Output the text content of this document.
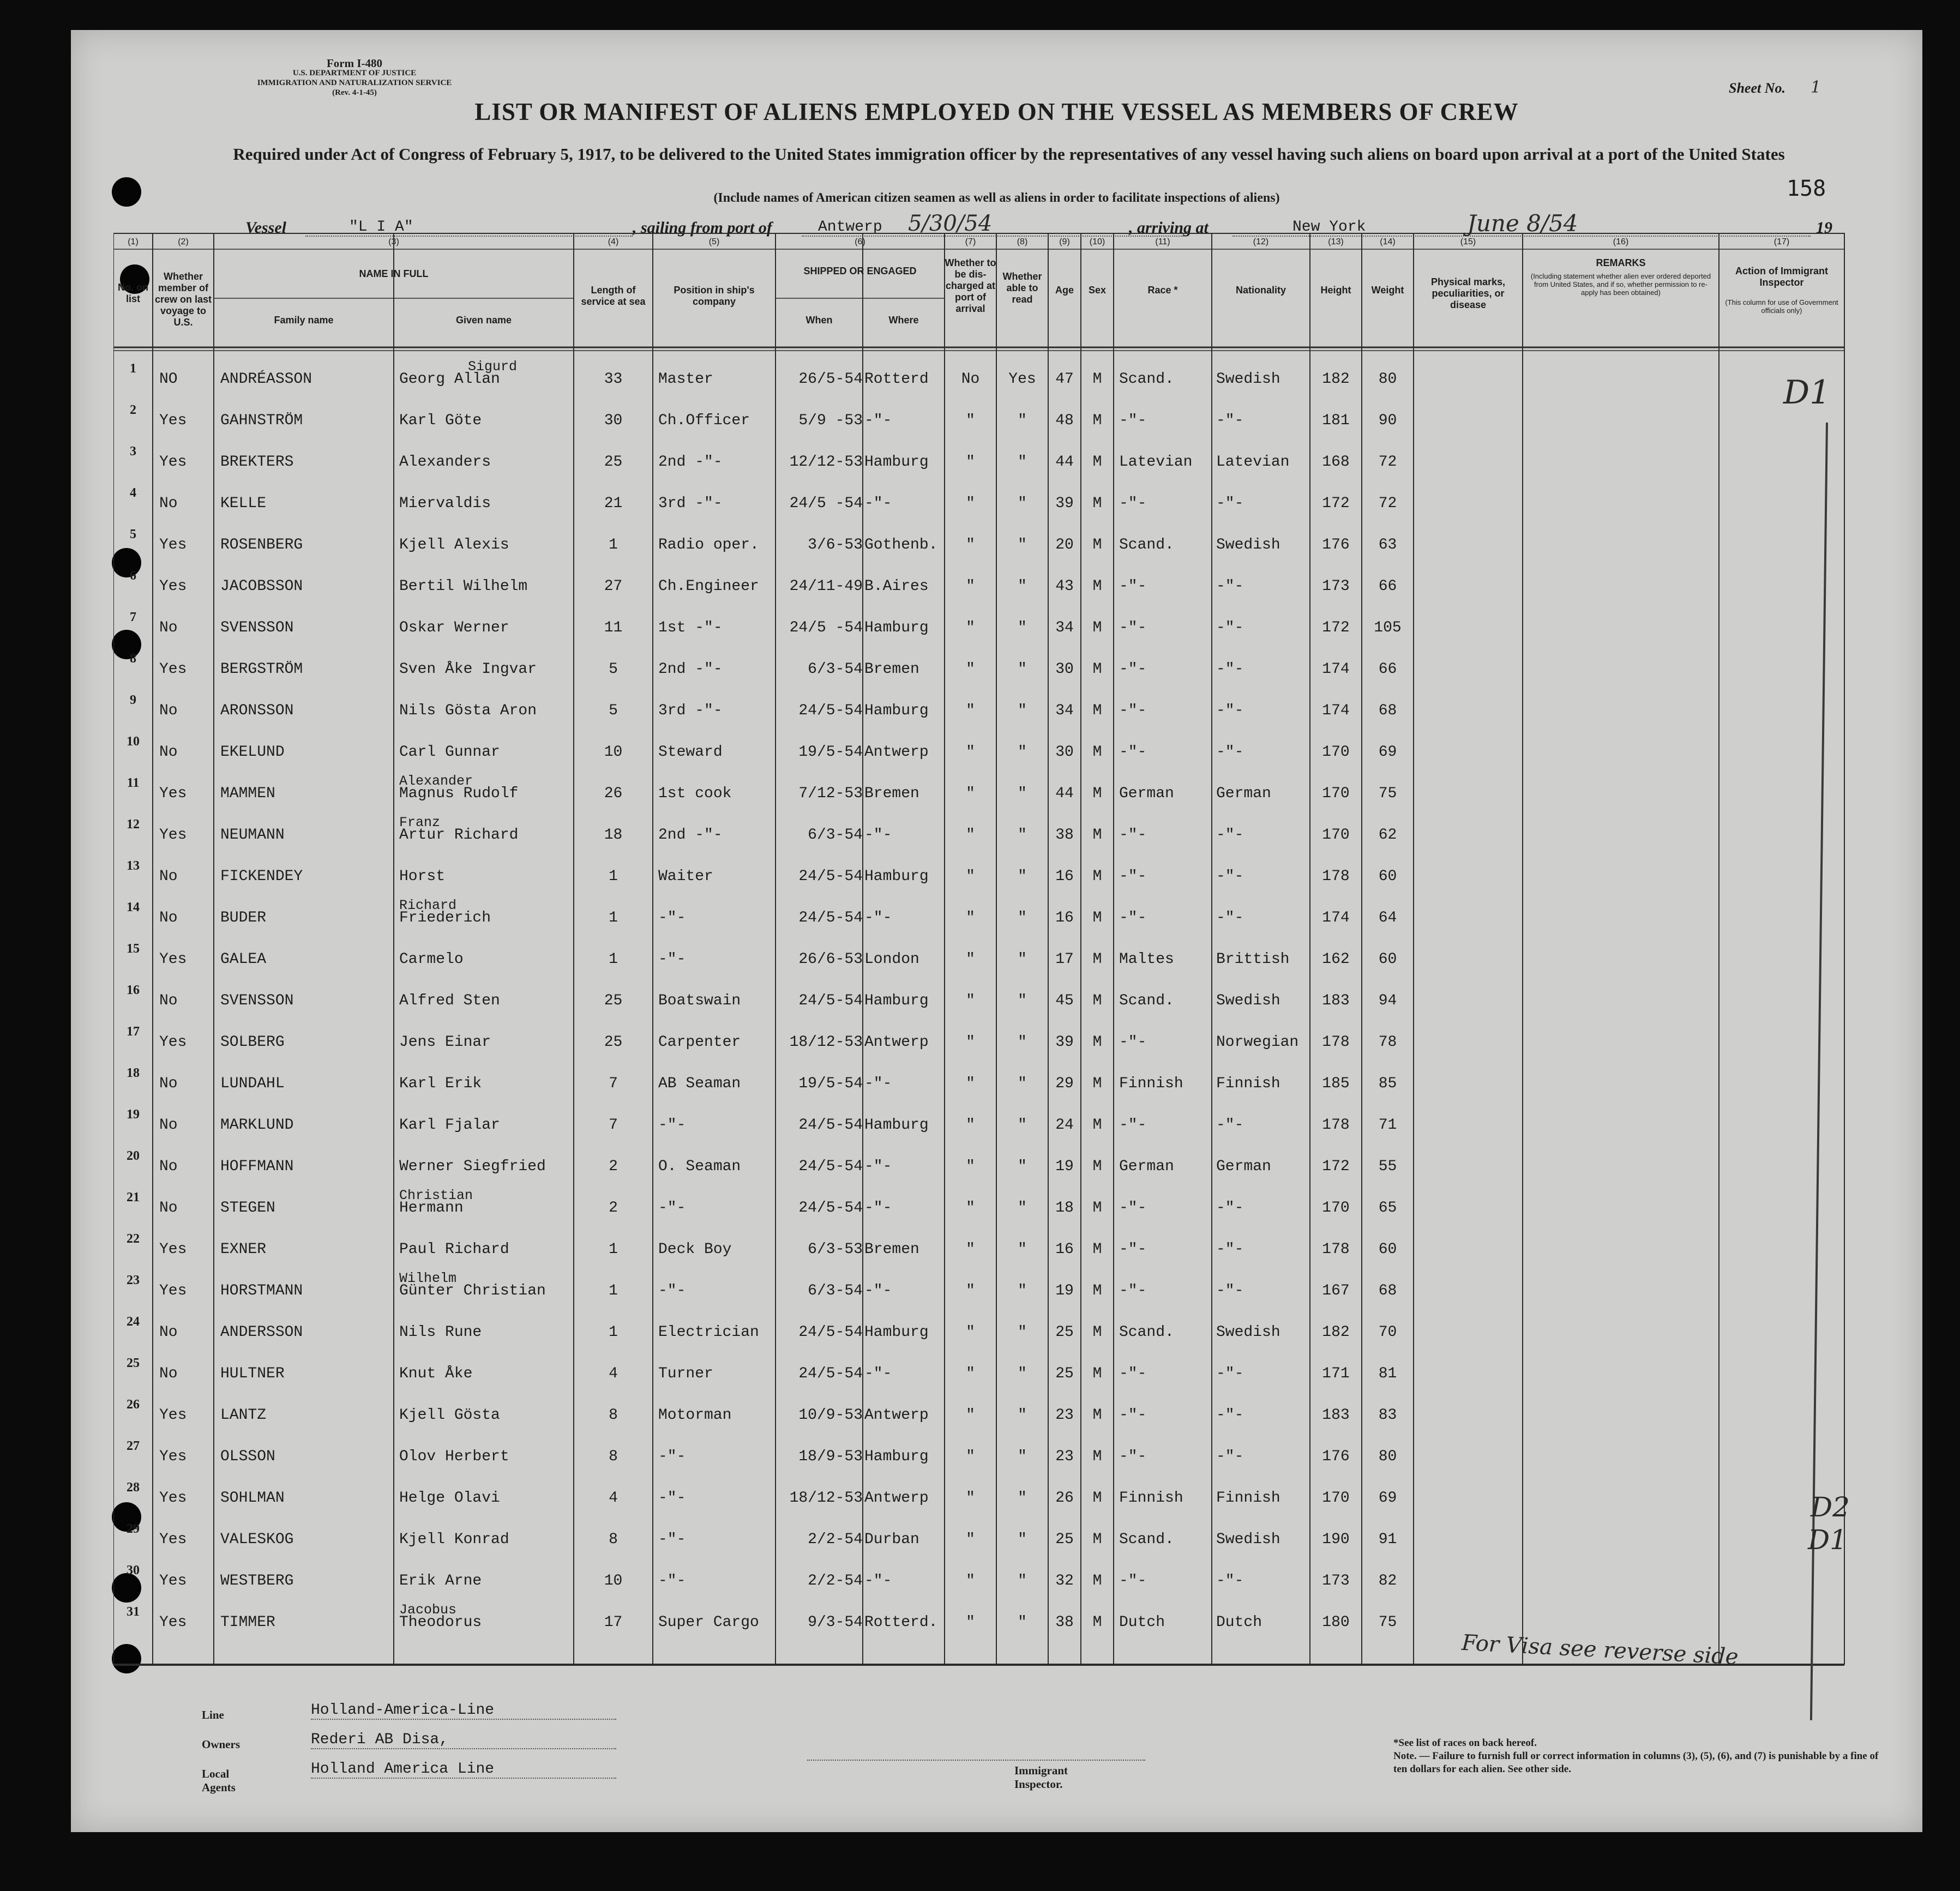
Form I-480
U.S. DEPARTMENT OF JUSTICE
IMMIGRATION AND NATURALIZATION SERVICE
(Rev. 4-1-45)	Sheet No. 1
158
LIST OR MANIFEST OF ALIENS EMPLOYED ON THE VESSEL AS MEMBERS OF CREW
Required under Act of Congress of February 5, 1917, to be delivered to the United States immigration officer by the representatives of any vessel having such aliens on board upon arrival at a port of the United States
(Include names of American citizen seamen as well as aliens in order to facilitate inspections of aliens)
Vessel	"L I A"	, sailing from port of	Antwerp	5/30/54	, arriving at	New York	June 8/54	19
No. on list
Whether member of crew on last voyage to U.S.
NAME IN FULL
Family name	Given name
Length of service at sea
Position in ship's company
SHIPPED OR ENGAGED
When	Where
Whether to be dis-charged at port of arrival
Whether able to read
Age	Sex	Race *	Nationality	Height	Weight
Physical marks, peculiarities, or disease
REMARKS
Action of Immigrant Inspector
(Including statement whether alien ever ordered deported from United States, and if so, whether permission to re-apply has been obtained)
(This column for use of Government officials only)
(1)	(2)	(3)	(4)	(5)	(6)	(7)	(8)	(9)	(10)	(11)	(12)	(13)	(14)	(15)	(16)	(17)
1
NO	ANDRÉASSON	Georg Allan	33	Master	26/5-54 Rotterd	No	Yes	47	M	Scand.	Swedish	182	80
Sigurd
2
Yes	GAHNSTRÖM	Karl Göte	30	Ch.Officer	5/9 -53 -"-	"	"	48	M	-"-	-"-	181	90
3
Yes	BREKTERS	Alexanders	25	2nd -"-	12/12-53 Hamburg	"	"	44	M	Latevian	Latevian	168	72
4
No	KELLE	Miervaldis	21	3rd -"-	24/5 -54 -"-	"	"	39	M	-"-	-"-	172	72
5
Yes	ROSENBERG	Kjell Alexis	1	Radio oper.	3/6-53 Gothenb.	"	"	20	M	Scand.	Swedish	176	63
6
Yes	JACOBSSON	Bertil Wilhelm	27	Ch.Engineer	24/11-49 B.Aires	"	"	43	M	-"-	-"-	173	66
7
No	SVENSSON	Oskar Werner	11	1st -"-	24/5 -54 Hamburg	"	"	34	M	-"-	-"-	172	105
8
Yes	BERGSTRÖM	Sven Åke Ingvar	5	2nd -"-	6/3-54 Bremen	"	"	30	M	-"-	-"-	174	66
9
No	ARONSSON	Nils Gösta Aron	5	3rd -"-	24/5-54 Hamburg	"	"	34	M	-"-	-"-	174	68
10
No	EKELUND	Carl Gunnar	10	Steward	19/5-54 Antwerp	"	"	30	M	-"-	-"-	170	69
11
Yes	MAMMEN	Magnus Rudolf	26	1st cook	7/12-53 Bremen	"	"	44	M	German	German	170	75
Alexander
12
Yes	NEUMANN	Artur Richard	18	2nd -"-	6/3-54 -"-	"	"	38	M	-"-	-"-	170	62
Franz
13
No	FICKENDEY	Horst	1	Waiter	24/5-54 Hamburg	"	"	16	M	-"-	-"-	178	60
14
No	BUDER	Friederich	1	-"-	24/5-54 -"-	"	"	16	M	-"-	-"-	174	64
Richard
15
Yes	GALEA	Carmelo	1	-"-	26/6-53 London	"	"	17	M	Maltes	Brittish	162	60
16
No	SVENSSON	Alfred Sten	25	Boatswain	24/5-54 Hamburg	"	"	45	M	Scand.	Swedish	183	94
17
Yes	SOLBERG	Jens Einar	25	Carpenter	18/12-53 Antwerp	"	"	39	M	-"-	Norwegian	178	78
18
No	LUNDAHL	Karl Erik	7	AB Seaman	19/5-54 -"-	"	"	29	M	Finnish	Finnish	185	85
19
No	MARKLUND	Karl Fjalar	7	-"-	24/5-54 Hamburg	"	"	24	M	-"-	-"-	178	71
20
No	HOFFMANN	Werner Siegfried	2	O. Seaman	24/5-54 -"-	"	"	19	M	German	German	172	55
21
No	STEGEN	Hermann	2	-"-	24/5-54 -"-	"	"	18	M	-"-	-"-	170	65
Christian
22
Yes	EXNER	Paul Richard	1	Deck Boy	6/3-53 Bremen	"	"	16	M	-"-	-"-	178	60
23
Yes	HORSTMANN	Günter Christian	1	-"-	6/3-54 -"-	"	"	19	M	-"-	-"-	167	68
Wilhelm
24
No	ANDERSSON	Nils Rune	1	Electrician	24/5-54 Hamburg	"	"	25	M	Scand.	Swedish	182	70
25
No	HULTNER	Knut Åke	4	Turner	24/5-54 -"-	"	"	25	M	-"-	-"-	171	81
26
Yes	LANTZ	Kjell Gösta	8	Motorman	10/9-53 Antwerp	"	"	23	M	-"-	-"-	183	83
27
Yes	OLSSON	Olov Herbert	8	-"-	18/9-53 Hamburg	"	"	23	M	-"-	-"-	176	80
28
Yes	SOHLMAN	Helge Olavi	4	-"-	18/12-53 Antwerp	"	"	26	M	Finnish	Finnish	170	69
29
Yes	VALESKOG	Kjell Konrad	8	-"-	2/2-54 Durban	"	"	25	M	Scand.	Swedish	190	91
30
Yes	WESTBERG	Erik Arne	10	-"-	2/2-54 -"-	"	"	32	M	-"-	-"-	173	82
31
Yes	TIMMER	Theodorus	17	Super Cargo	9/3-54 Rotterd.	"	"	38	M	Dutch	Dutch	180	75
Jacobus
D1
D2
D1
For Visa see reverse side
Line	Holland-America-Line
Owners	Rederi AB Disa,
Local Agents
Holland America Line	Immigrant Inspector.
*See list of races on back hereof.
Note. — Failure to furnish full or correct information in columns (3), (5), (6), and (7) is punishable by a fine of ten dollars for each alien. See other side.
